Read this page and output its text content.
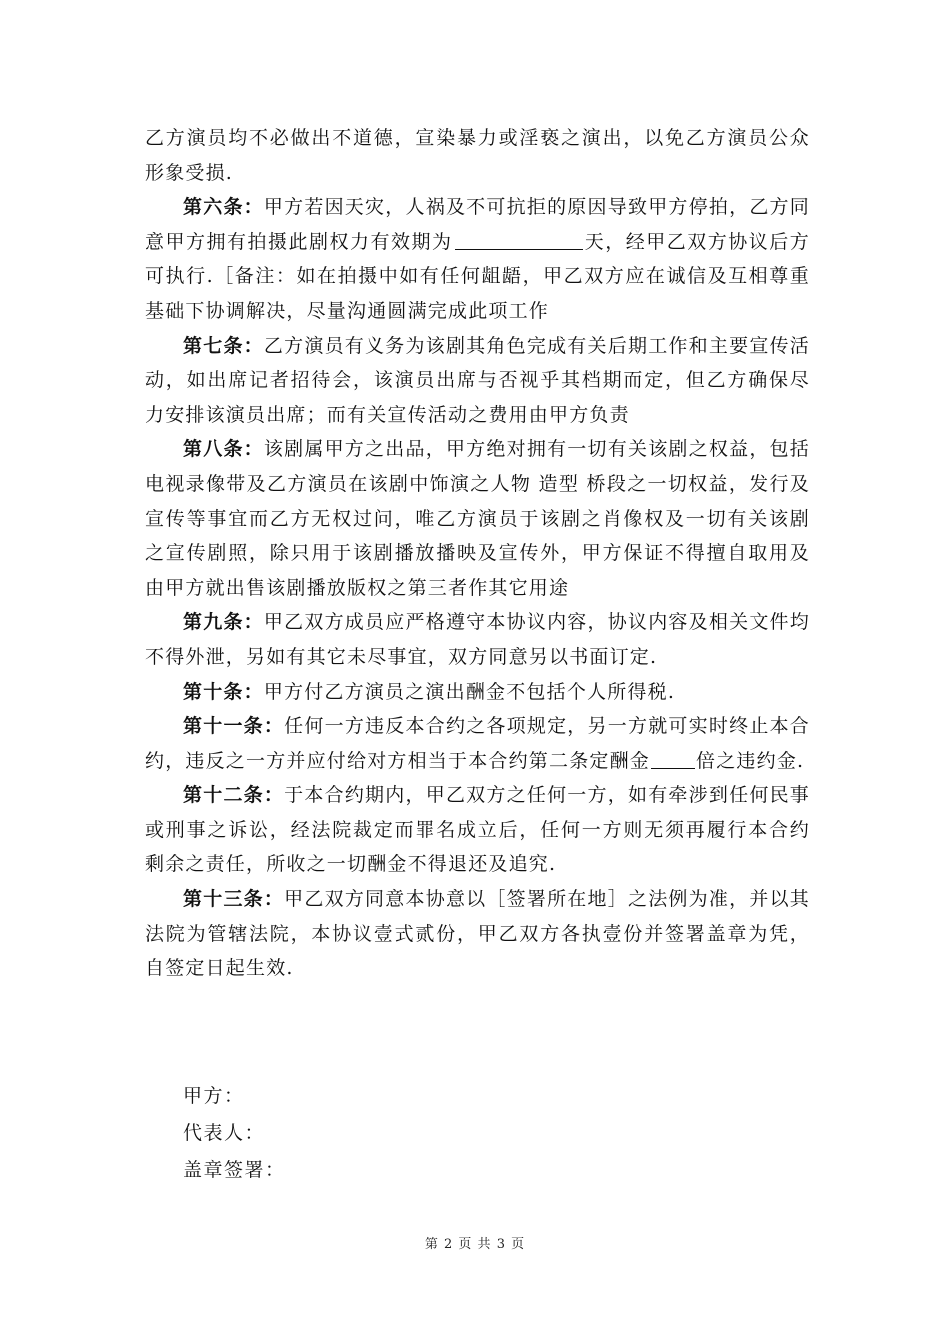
乙方演员均不必做出不道德，宣染暴力或淫亵之演出，以免乙方演员公众形象受损.

第六条：甲方若因天灾，人祸及不可抗拒的原因导致甲方停拍，乙方同意甲方拥有拍摄此剧权力有效期为	天，经甲乙双方协议后方可执行.［备注：如在拍摄中如有任何龃龉，甲乙双方应在诚信及互相尊重基础下协调解决，尽量沟通圆满完成此项工作

第七条：乙方演员有义务为该剧其角色完成有关后期工作和主要宣传活动，如出席记者招待会，该演员出席与否视乎其档期而定，但乙方确保尽力安排该演员出席；而有关宣传活动之费用由甲方负责

第八条：该剧属甲方之出品，甲方绝对拥有一切有关该剧之权益，包括电视录像带及乙方演员在该剧中饰演之人物 造型 桥段之一切权益，发行及宣传等事宜而乙方无权过问，唯乙方演员于该剧之肖像权及一切有关该剧之宣传剧照，除只用于该剧播放播映及宣传外，甲方保证不得擅自取用及由甲方就出售该剧播放版权之第三者作其它用途

第九条：甲乙双方成员应严格遵守本协议内容，协议内容及相关文件均不得外泄，另如有其它未尽事宜，双方同意另以书面订定.

第十条：甲方付乙方演员之演出酬金不包括个人所得税.

第十一条：任何一方违反本合约之各项规定，另一方就可实时终止本合约，违反之一方并应付给对方相当于本合约第二条定酬金 倍之违约金.

第十二条：于本合约期内，甲乙双方之任何一方，如有牵涉到任何民事或刑事之诉讼，经法院裁定而罪名成立后，任何一方则无须再履行本合约剩余之责任，所收之一切酬金不得退还及追究.

第十三条：甲乙双方同意本协意以［签署所在地］之法例为准，并以其法院为管辖法院，本协议壹式贰份，甲乙双方各执壹份并签署盖章为凭，自签定日起生效.

甲方：
代表人：
盖章签署：
第 2 页 共 3 页
